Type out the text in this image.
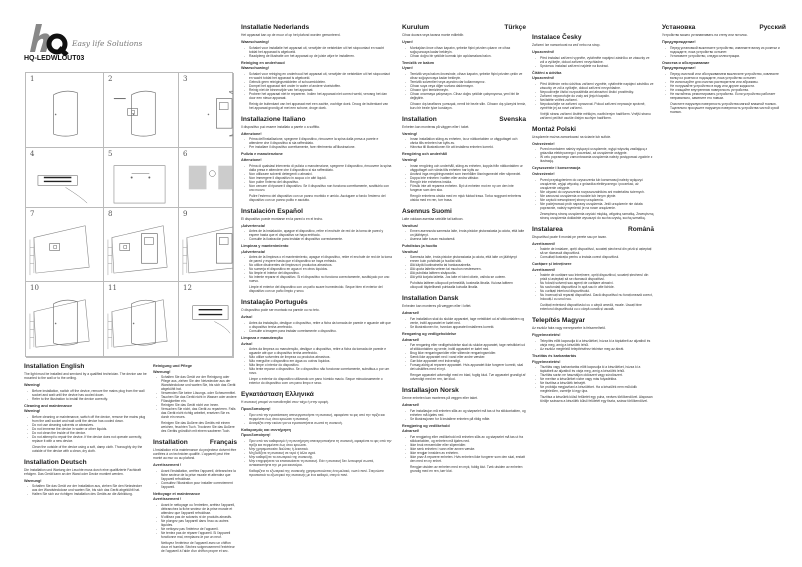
Easy life Solutions
HQ-LEDWLOUT03
1	2	3
4	5	6
7	8	9
10	11	12
Installation English
The light must be installed and serviced by a qualified technician. The device can be mounted to the wall or to the ceiling.
Warning!
- Before installation, switch off the device, remove the mains plug from the wall socket and wait until the device has cooled down.
- Refer to the illustration to install the device correctly.
Cleaning and maintenance
Warning!
- Before cleaning or maintenance, switch off the device, remove the mains plug from the wall socket and wait until the device has cooled down.
- Do not use cleaning solvents or abrasives.
- Do not immerse the device in water or other liquids.
- Do not clean the inside of the device.
- Do not attempt to repair the device. If the device does not operate correctly, replace it with a new device.
Clean the outside of the device using a soft, damp cloth. Thoroughly dry the outside of the device with a clean, dry cloth.
Installation Deutsch
Die Installation und Wartung der Leuchte muss durch eine qualifizierte Fachkraft erfolgen. Das Gerät kann an der Wand oder Decke montiert werden.
Warnung!
- Schalten Sie das Gerät vor der Installation aus, ziehen Sie den Netzstecker aus der Wandsteckdose und warten Sie, bis sich das Gerät abgekühlt hat.
- Halten Sie sich zur richtigen Installation des Geräts an die Abbildung.
Reinigung und Pflege
Warnung!
- Schalten Sie das Gerät vor der Reinigung oder Pflege aus, ziehen Sie den Netzstecker aus der Wandsteckdose und warten Sie, bis sich das Gerät abgekühlt hat.
- Verwenden Sie keine Lösungs- oder Scheuermittel.
- Tauchen Sie das Gerät nicht in Wasser oder andere Flüssigkeiten ein.
- Reinigen Sie das Gerät nicht von innen.
- Versuchen Sie nicht, das Gerät zu reparieren. Falls das Gerät nicht richtig arbeitet, ersetzen Sie es durch ein neues.
Reinigen Sie das Äußere des Geräts mit einem weichen, feuchten Tuch. Trocknen Sie das Äußere des Geräts gründlich mit einem sauberen Tuch.
Installation	Français
L'installation et la maintenance du projecteur doivent être confiées à un technicien qualifié. L'appareil peut être monté au mur ou au plafond.
Avertissement !
- Avant l'installation, arrêtez l'appareil, débranchez la fiche secteur de la prise murale et attendez que l'appareil refroidisse.
- Consultez l'illustration pour installer correctement l'appareil.
Nettoyage et maintenance
Avertissement !
- Avant le nettoyage ou l'entretien, arrêtez l'appareil, débranchez la fiche secteur de la prise murale et attendez que l'appareil refroidisse.
- N'utilisez pas de solvants ni de produits abrasifs.
- Ne plongez pas l'appareil dans l'eau ou autres liquides.
- Ne nettoyez pas l'intérieur de l'appareil.
- Ne tentez pas de réparer l'appareil. Si l'appareil fonctionne mal, remplacez-le par un neuf.
Nettoyez l'extérieur de l'appareil avec un chiffon doux et humide. Séchez soigneusement l'extérieur de l'appareil à l'aide d'un chiffon propre et sec.
Installatie Nederlands
Het apparaat kan op de muur of op het plafond worden gemonteerd.
Waarschuwing!
- Schakel voor installatie het apparaat uit, verwijder de netstekker uit het stopcontact en wacht totdat het apparaat is afgekoeld.
- Raadpleeg de illustratie om het apparaat op de juiste wijze te installeren.
Reiniging en onderhoud
Waarschuwing!
- Schakel voor reiniging en onderhoud het apparaat uit, verwijder de netstekker uit het stopcontact en wacht totdat het apparaat is afgekoeld.
- Gebruik geen reinigingsmiddelen of schuurmiddelen.
- Dompel het apparaat niet onder in water of andere vloeistoffen.
- Reinig niet de binnenzijde van het apparaat.
- Probeer het apparaat niet te repareren. Indien het apparaat niet correct werkt, vervang het dan door een nieuw apparaat.
Reinig de buitenkant van het apparaat met een zachte, vochtige doek. Droog de buitenkant van het apparaat grondig af met een schone, droge doek.
Installazione Italiano
Il dispositivo può essere installato a parete o a soffitto.
Attenzione!
- Prima dell'installazione, spegnere il dispositivo, rimuovere la spina dalla presa a parete e attendere che il dispositivo si sia raffreddato.
- Per installare il dispositivo correttamente, fare riferimento all'illustrazione.
Pulizia e manutenzione
Attenzione!
- Prima di qualsiasi intervento di pulizia o manutenzione, spegnere il dispositivo, rimuovere la spina dalla presa e attendere che il dispositivo si sia raffreddato.
- Non utilizzare solventi detergenti o abrasivi.
- Non immergere il dispositivo in acqua o in altri liquidi.
- Non pulire l'interno del dispositivo.
- Non cercare di riparare il dispositivo. Se il dispositivo non funziona correttamente, sostituirlo con uno nuovo.
Pulire l'esterno del dispositivo con un panno morbido e umido. Asciugare a fondo l'esterno del dispositivo con un panno pulito e asciutto.
Instalación Español
El dispositivo puede montarse en la pared o en el techo.
¡Advertencia!
- Antes de la instalación, apague el dispositivo, retire el enchufe de red de la toma de pared y espere hasta que el dispositivo se haya enfriado.
- Consulte la ilustración para instalar el dispositivo correctamente.
Limpieza y mantenimiento
¡Advertencia!
- Antes de la limpieza o el mantenimiento, apague el dispositivo, retire el enchufe de red de la toma de pared y espere hasta que el dispositivo se haya enfriado.
- No utilice disolventes de limpieza ni productos abrasivos.
- No sumerja el dispositivo en agua ni en otros líquidos.
- No limpie el interior del dispositivo.
- No intente reparar el dispositivo. Si el dispositivo no funciona correctamente, sustitúyalo por uno nuevo.
Limpie el exterior del dispositivo con un paño suave humedecido. Seque bien el exterior del dispositivo con un paño limpio y seco.
Instalação Português
O dispositivo pode ser montado na parede ou no teto.
Aviso!
- Antes da instalação, desligue o dispositivo, retire a ficha da tomada de parede e aguarde até que o dispositivo tenha arrefecido.
- Consulte a imagem para instalar corretamente o dispositivo.
Limpeza e manutenção
Aviso!
- Antes da limpeza ou manutenção, desligue o dispositivo, retire a ficha da tomada de parede e aguarde até que o dispositivo tenha arrefecido.
- Não utilize solventes de limpeza ou produtos abrasivos.
- Não mergulhe o dispositivo em água ou outros líquidos.
- Não limpe o interior do dispositivo.
- Não tente reparar o dispositivo. Se o dispositivo não funcionar corretamente, substitua-o por um novo.
Limpe o exterior do dispositivo utilizando um pano húmido macio. Seque minuciosamente o exterior do dispositivo com um pano limpo e seco.
Εγκατάσταση Ελληνικά
Η συσκευή μπορεί να τοποθετηθεί στον τοίχο ή στην οροφή.
Προειδοποίηση!
- Πριν από την εγκατάσταση απενεργοποιήστε τη συσκευή, αφαιρέστε το φις από την πρίζα και περιμένετε έως ότου κρυώσει η συσκευή.
- Ανατρέξτε στην εικόνα για να εγκαταστήσετε σωστά τη συσκευή.
Καθαρισμός και συντήρηση
Προειδοποίηση!
- Πριν από τον καθαρισμό ή τη συντήρηση απενεργοποιήστε τη συσκευή, αφαιρέστε το φις από την πρίζα και περιμένετε έως ότου κρυώσει.
- Μην χρησιμοποιείτε διαλύτες ή λειαντικά.
- Μη βυθίζετε τη συσκευή σε νερό ή άλλα υγρά.
- Μην καθαρίζετε το εσωτερικό της συσκευής.
- Μην επιχειρήσετε να επισκευάσετε τη συσκευή. Εάν η συσκευή δεν λειτουργεί σωστά, αντικαταστήστε την με μια καινούρια.
Καθαρίζετε το εξωτερικό της συσκευής χρησιμοποιώντας ένα μαλακό, νωπό πανί. Στεγνώστε προσεκτικά το εξωτερικό της συσκευής με ένα καθαρό, στεγνό πανί.
Kurulum	Türkçe
Cihaz duvara veya tavana monte edilebilir.
Uyarı!
- Montajdan önce cihazı kapatın, şebeke fişini prizden çıkarın ve cihaz soğuyuncaya kadar bekleyin.
- Cihazı doğru bir şekilde kurmak için açıklamalara bakın.
Temizlik ve bakım
Uyarı!
- Temizlik veya bakım öncesinde, cihazı kapatın, şebeke fişini prizden çekin ve cihaz soğuyuncaya kadar bekleyin.
- Temizlik solventleri veya aşındırıcılar kullanmayınız.
- Cihazı suya veya diğer sıvılara daldırmayın.
- Cihazın içini temizlemeyin.
- Cihazı onarmaya çalışmayın. Cihaz doğru şekilde çalışmıyorsa, yeni biri ile değiştirin.
Cihazın dış taraflarını yumuşak, nemli bir bezle silin. Cihazın dış yüzeyini temiz, kuru bir bezle iyice kurulayın.
Installation	Svenska
Enheten kan monteras på väggen eller i taket.
Varning!
- Innan installation stäng av enheten, ta ur nätkontakten ur vägguttaget och vänta tills enheten har kylts av.
- Hänvisa till illustrationen för att installera enheten korrekt.
Rengöring och underhåll
Varning!
- Innan rengöring och underhåll, stäng av enheten, koppla från nätkontakten ur vägguttaget och vänta tills enheten har kylts av.
- Använd inga rengöringsmedel som innehåller lösningsmedel eller slipmedel.
- Doppa inte enheten i vatten eller andra vätskor.
- Rengör inte enhetens insida.
- Försök inte att reparera enheten. Byt ut enheten mot en ny om den inte fungerar som den ska.
Rengör enhetens utsida med en mjuk fuktad trasa. Torka noggrant enhetens utsida med en ren, torr trasa.
Asennus Suomi
Laite voidaan asentaa seinälle tai kattoon.
Varoitus!
- Ennen asennusta sammuta laite, irrota pistoke pistorasiasta ja odota, että laite on jäähtynyt.
- Asenna laite kuvan mukaisesti.
Puhdistus ja huolto
Varoitus!
- Sammuta laite, irrota pistoke pistorasiasta ja odota, että laite on jäähtynyt ennen kuin puhdistat ja huollat sitä.
- Älä käytä liuotinaineita tai hankausaineita.
- Älä upota laitetta veteen tai muuhun nesteeseen.
- Älä puhdista laitteen sisäpuolta.
- Älä yritä korjata laitetta. Jos laite ei toimi oikein, vaihda se uuteen.
Puhdista laitteen ulkopuoli pehmeällä, kostealla liinalla. Kuivaa laitteen ulkopuoli täydellisesti puhtaalla kuivalla liinalla.
Installation Dansk
Enheden kan monteres på væggen eller i loftet.
Advarsel!
- Før installation skal du slukke apparatet, tage netstikket ud af stikkontakten og vente, indtil apparatet er kølet ned.
- Se illustrationen for, hvordan apparatet installeres korrekt.
Rengøring og vedligeholdelse
Advarsel!
- Før rengøring eller vedligeholdelse skal du slukke apparatet, tage netstikket ud af stikkontakten og vente, indtil apparatet er kølet ned.
- Brug ikke rengøringsmidler eller slibende rengøringsmidler.
- Sænk ikke apparatet ned i vand eller andre væsker.
- Gør ikke apparatet rent indvendigt.
- Forsøg aldrig at reparere apparatet. Hvis apparatet ikke fungerer korrekt, skal det udskiftes med et nyt.
Rengør apparatet udvendigt med en blød, fugtig klud. Tør apparatet grundigt af udvendigt med en ren, tør klud.
Installasjon Norsk
Denne enheten kan monteres på veggen eller taket.
Advarsel!
- Før installasjon må enheten slås av og støpselet må tas ut fra stikkontakten, og enheten må kjøles ned.
- Se illustrasjonen for å installere enheten på riktig måte.
Rengjøring og vedlikehold
Advarsel!
- Før rengjøring eller vedlikehold må enheten slås av og støpselet må tas ut fra stikkontakten, og enheten må kjøles ned.
- Ikke bruk rensemidler eller slipemidler.
- Ikke senk enheten i vann eller annen væske.
- Ikke rengjør innsiden av enheten.
- Ikke prøv å reparere enheten. Hvis enheten ikke fungerer som den skal, erstatt den med en ny enhet.
Rengjør utsiden av enheten med en myk, fuktig klut. Tørk utsiden av enheten grundig med en ren, tørr klut.
Instalace Česky
Zařízení lze namontovat na zeď nebo na strop.
Upozornění!
- Před instalací zařízení vypněte, vytáhněte napájecí zástrčku ze zásuvky ve zdi a vyčkejte, dokud zařízení nevychladne.
- Správnou instalaci zařízení najdete na ilustraci.
Čištění a údržba
Upozornění!
- Před čištěním nebo údržbou zařízení vypněte, vytáhněte napájecí zástrčku ze zásuvky ve zdi a vyčkejte, dokud zařízení nevychladne.
- Nepoužívejte čisticí rozpouštědla ani abrazivní čisticí prostředky.
- Zařízení neponořujte do vody ani jiných kapalin.
- Nečistěte vnitřek zařízení.
- Nepokoušejte se zařízení opravovat. Pokud zařízení nepracuje správně, vyměňte jej za nové zařízení.
Vnější stranu zařízení čistěte měkkým, navlhčeným hadříkem. Vnější stranu zařízení pečlivě osušte čistým suchým hadříkem.
Montaż Polski
Urządzenie można zamontować na ścianie lub suficie.
Ostrzeżenie!
- Przed montażem należy wyłączyć urządzenie, wyjąć wtyczkę zasilającą z gniazdka elektrycznego i poczekać, aż urządzenie ostygnie.
- W celu poprawnego zamontowania urządzenia należy postępować zgodnie z ilustracją.
Czyszczenie i konserwacja
Ostrzeżenie!
- Przed przystąpieniem do czyszczenia lub konserwacji należy wyłączyć urządzenie, wyjąć wtyczkę z gniazdka elektrycznego i poczekać, aż urządzenie ostygnie.
- Nie używać do czyszczenia rozpuszczalników ani materiałów ściernych.
- Nie zanurzać urządzenia w wodzie lub innym płynie.
- Nie czyścić wewnętrznej strony urządzenia.
- Nie podejmować prób naprawy urządzenia. Jeśli urządzenie nie działa poprawnie, należy wymienić je na nowe urządzenie.
Zewnętrzną stronę urządzenia czyścić miękką, wilgotną szmatką. Zewnętrzną stronę urządzenia dokładnie wysuszyć do sucha czystą, suchą szmatką.
Instalarea	Română
Dispozitivul poate fi montat pe perete sau pe tavan.
Avertisment!
- Înainte de instalare, opriți dispozitivul, scoateți ștecherul din priză și așteptați să se răcească dispozitivul.
- Consultați ilustrația pentru a instala corect dispozitivul.
Curățare și întreținere
Avertisment!
- Înainte de curățare sau întreținere, opriți dispozitivul, scoateți ștecherul din priză și așteptați să se răcească dispozitivul.
- Nu folosiți solvenți sau agenți de curățare abrazivi.
- Nu scufundați dispozitivul în apă sau în alte lichide.
- Nu curățați interiorul dispozitivului.
- Nu încercați să reparați dispozitivul. Dacă dispozitivul nu funcționează corect, înlocuiți-l cu unul nou.
Curățați exteriorul dispozitivului cu o cârpă umedă, moale. Uscați bine exteriorul dispozitivului cu o cârpă curată și uscată.
Telepítés Magyar
Az eszköz falra vagy mennyezetre is felszerelhető.
Figyelmeztetés!
- Telepítés előtt kapcsolja ki a készüléket, húzza ki a tápkábelt az aljzatból és várja meg, amíg a készülék lehűl.
- Az eszköz megfelelő telepítéséhez tekintse meg az ábrát.
Tisztítás és karbantartás
Figyelmeztetés!
- Tisztítás vagy karbantartás előtt kapcsolja ki a készüléket, húzza ki a tápkábelt az aljzatból és várja meg, amíg a készülék lehűl.
- Tisztítás során ne használjon oldószert vagy súrolószert.
- Ne merítse a készüléket vízbe vagy más folyadékba.
- Ne tisztítsa a készülék belsejét.
- Ne próbálja megjavítani a készüléket. Ha a készülék nem működik megfelelően, cserélje ki egy újra.
Tisztítsa a készülék külső felületét egy puha, nedves törlőkendővel. Alaposan törölje szárazra a készülék külső felületét egy tiszta, száraz törlőkendővel.
Установка	Русский
Устройство можно устанавливать на стену или потолок.
Предупреждение!
- Перед установкой выключите устройство, извлеките вилку из розетки и подождите, пока устройство остынет.
- Установите устройство, следуя иллюстрации.
Очистка и обслуживание
Предупреждение!
- Перед очисткой или обслуживанием выключите устройство, извлеките вилку из розетки и подождите, пока устройство остынет.
- Не используйте для очистки растворители или абразивы.
- Не погружайте устройство в воду или другие жидкости.
- Не очищайте внутреннюю поверхность устройства.
- Не пытайтесь ремонтировать устройство. Если устройство работает неправильно, замените его новым.
Очистите наружную поверхность устройства мягкой влажной тканью. Тщательно просушите наружную поверхность устройства чистой сухой тканью.
